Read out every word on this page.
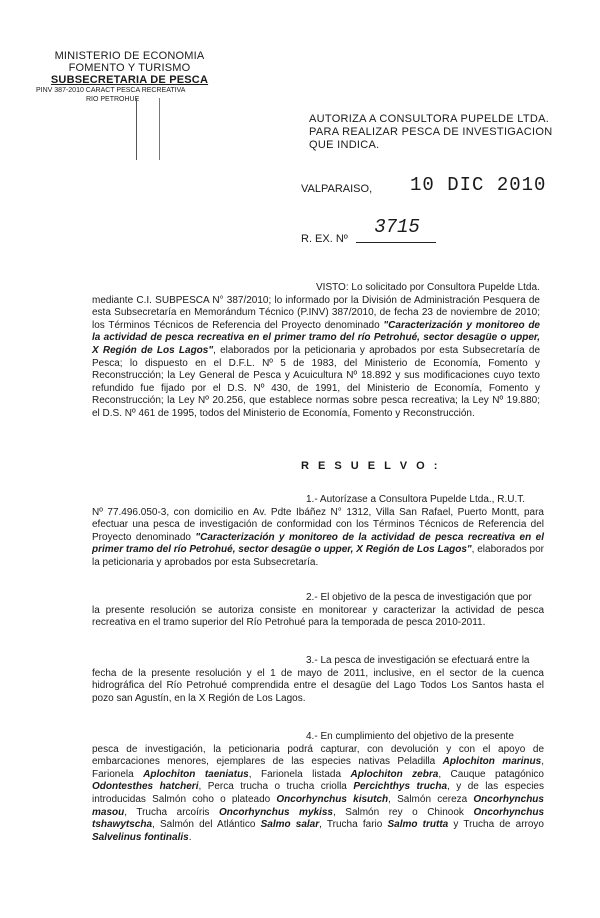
MINISTERIO DE ECONOMIA
FOMENTO Y TURISMO
SUBSECRETARIA DE PESCA
PINV 387-2010 CARACT PESCA RECREATIVA
RIO PETROHUE
AUTORIZA A CONSULTORA PUPELDE LTDA.
PARA REALIZAR PESCA DE INVESTIGACION
QUE INDICA.
VALPARAISO, 10 DIC 2010
R. EX. Nº
3715
VISTO: Lo solicitado por Consultora Pupelde Ltda.
mediante C.I. SUBPESCA N° 387/2010; lo informado por la División de Administración Pesquera de esta Subsecretaría en Memorándum Técnico (P.INV) 387/2010, de fecha 23 de noviembre de 2010; los Términos Técnicos de Referencia del Proyecto denominado "Caracterización y monitoreo de la actividad de pesca recreativa en el primer tramo del río Petrohué, sector desagüe o upper, X Región de Los Lagos", elaborados por la peticionaria y aprobados por esta Subsecretaría de Pesca; lo dispuesto en el D.F.L. Nº 5 de 1983, del Ministerio de Economía, Fomento y Reconstrucción; la Ley General de Pesca y Acuicultura Nº 18.892 y sus modificaciones cuyo texto refundido fue fijado por el D.S. Nº 430, de 1991, del Ministerio de Economía, Fomento y Reconstrucción; la Ley Nº 20.256, que establece normas sobre pesca recreativa; la Ley Nº 19.880; el D.S. Nº 461 de 1995, todos del Ministerio de Economía, Fomento y Reconstrucción.
R E S U E L V O :
1.- Autorízase a Consultora Pupelde Ltda., R.U.T.
Nº 77.496.050-3, con domicilio en Av. Pdte Ibáñez N° 1312, Villa San Rafael, Puerto Montt, para efectuar una pesca de investigación de conformidad con los Términos Técnicos de Referencia del Proyecto denominado "Caracterización y monitoreo de la actividad de pesca recreativa en el primer tramo del río Petrohué, sector desagüe o upper, X Región de Los Lagos", elaborados por la peticionaria y aprobados por esta Subsecretaría.
2.- El objetivo de la pesca de investigación que por
la presente resolución se autoriza consiste en monitorear y caracterizar la actividad de pesca recreativa en el tramo superior del Río Petrohué para la temporada de pesca 2010-2011.
3.- La pesca de investigación se efectuará entre la
fecha de la presente resolución y el 1 de mayo de 2011, inclusive, en el sector de la cuenca hidrográfica del Río Petrohué comprendida entre el desagüe del Lago Todos Los Santos hasta el pozo san Agustín, en la X Región de Los Lagos.
4.- En cumplimiento del objetivo de la presente
pesca de investigación, la peticionaria podrá capturar, con devolución y con el apoyo de embarcaciones menores, ejemplares de las especies nativas Peladilla Aplochiton marinus, Farionela Aplochiton taeniatus, Farionela listada Aplochiton zebra, Cauque patagónico Odontesthes hatcheri, Perca trucha o trucha criolla Percichthys trucha, y de las especies introducidas Salmón coho o plateado Oncorhynchus kisutch, Salmón cereza Oncorhynchus masou, Trucha arcoíris Oncorhynchus mykiss, Salmón rey o Chinook Oncorhynchus tshawytscha, Salmón del Atlántico Salmo salar, Trucha fario Salmo trutta y Trucha de arroyo Salvelinus fontinalis.
